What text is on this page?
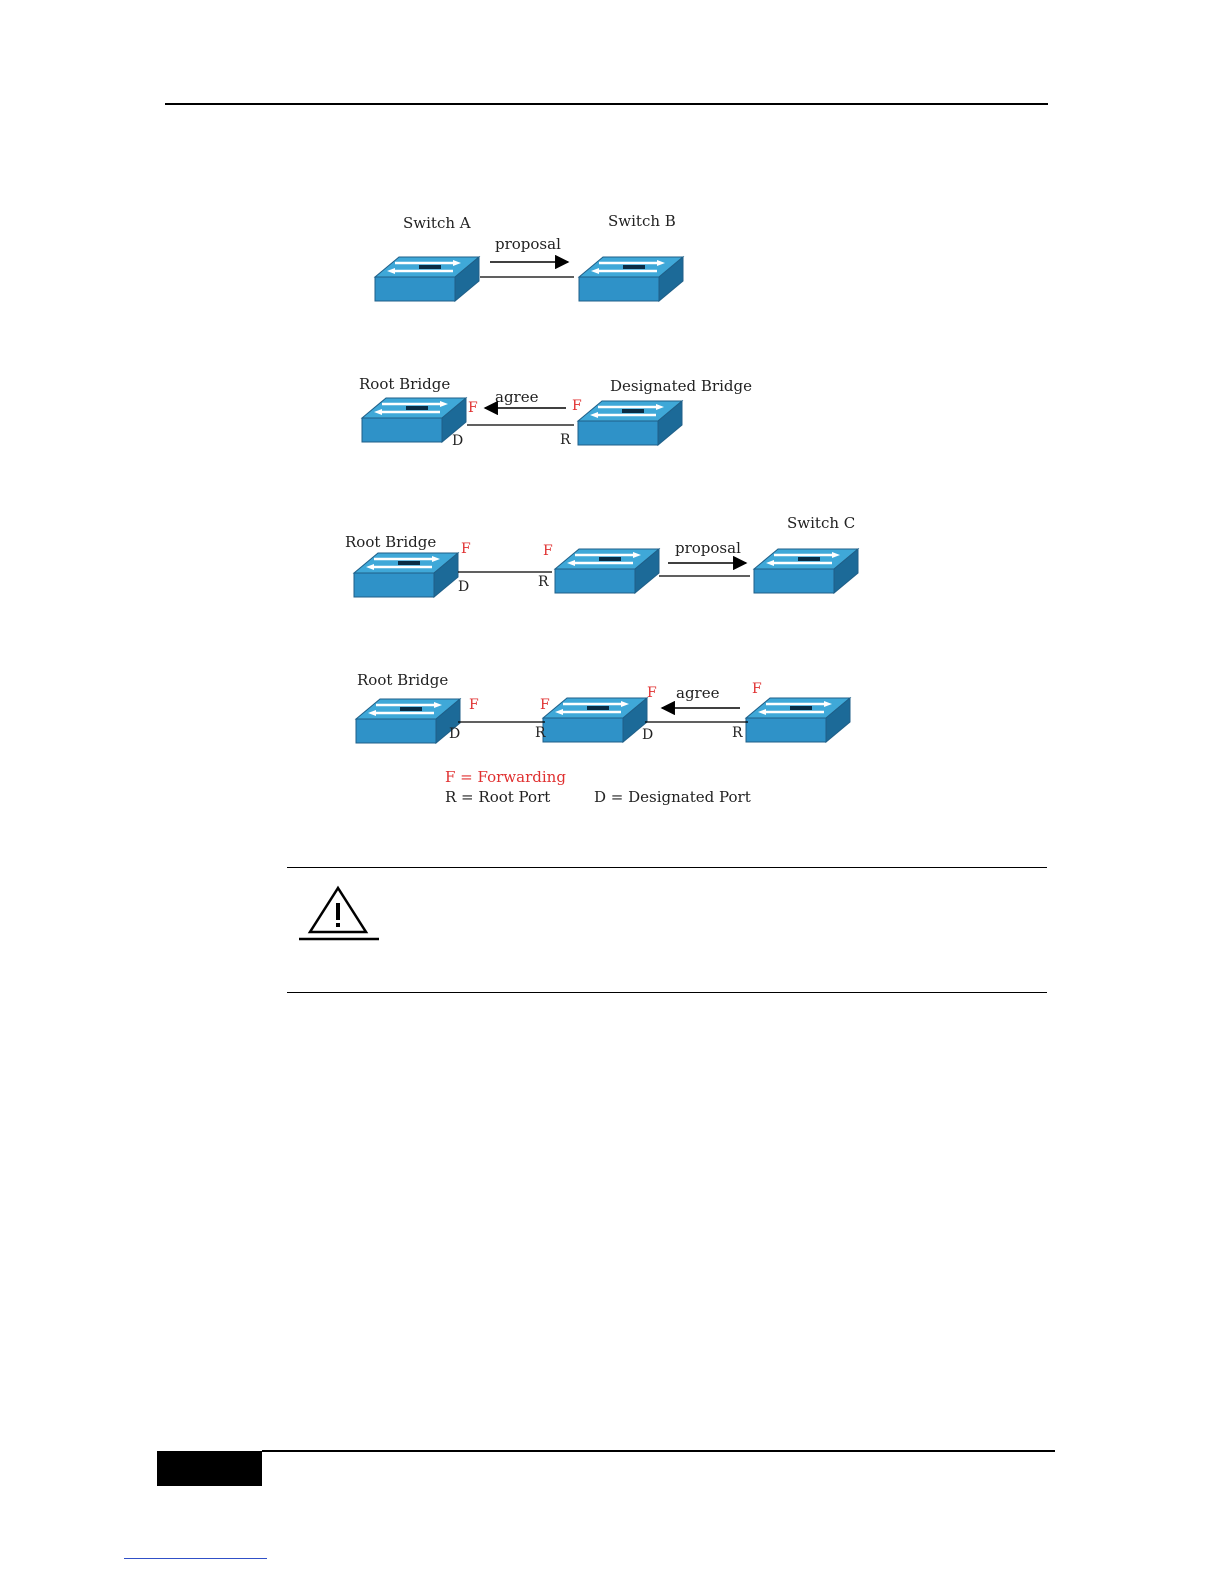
Switch A	Switch B
proposal
Root Bridge	Designated Bridge
agree
F
D
F
R
Root Bridge
Switch C
F
D
F
R
proposal
Root Bridge
F
D
F
R
F
D
agree F
R
F = Forwarding
R = Root Port	D = Designated Port
